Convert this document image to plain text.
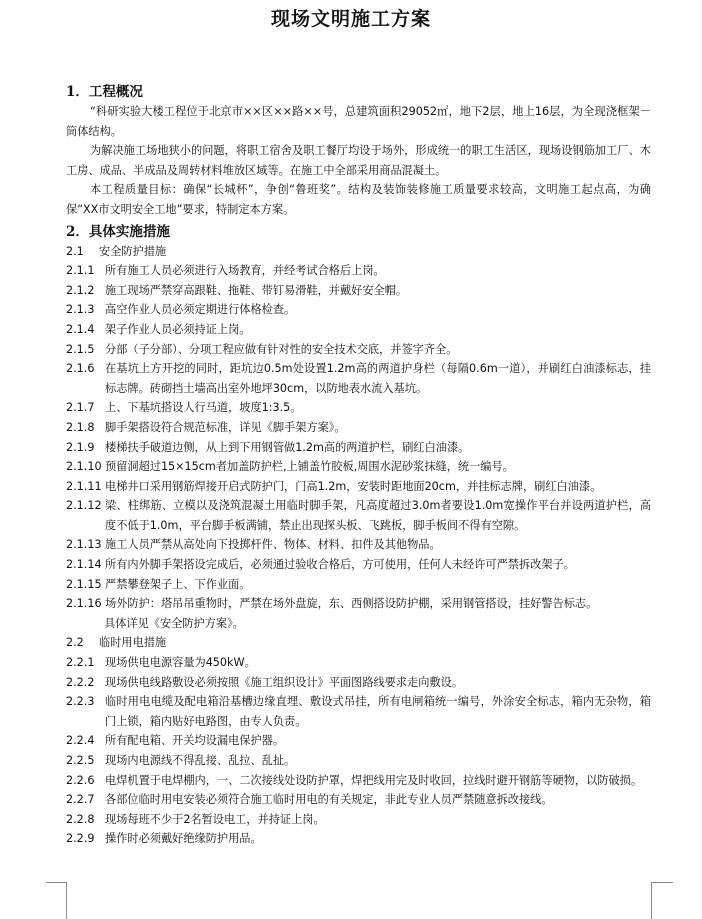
现场文明施工方案
1．工程概况
“科研实验大楼工程位于北京市××区××路××号，总建筑面积29052㎡，地下2层，地上16层，为全现浇框架－筒体结构。
为解决施工场地狭小的问题，将职工宿舍及职工餐厅均设于场外，形成统一的职工生活区，现场设钢筋加工厂、木工房、成品、半成品及周转材料堆放区域等。在施工中全部采用商品混凝土。
本工程质量目标：确保“长城杯”，争创“鲁班奖”。结构及装饰装修施工质量要求较高，文明施工起点高，为确保“XX市文明安全工地”要求，特制定本方案。
2．具体实施措施
2.1	安全防护措施
2.1.1 所有施工人员必须进行入场教育，并经考试合格后上岗。
2.1.2 施工现场严禁穿高跟鞋、拖鞋、带钉易滑鞋，并戴好安全帽。
2.1.3 高空作业人员必须定期进行体格检查。
2.1.4 架子作业人员必须持证上岗。
2.1.5 分部（子分部）、分项工程应做有针对性的安全技术交底，并签字齐全。
2.1.6 在基坑上方开挖的同时，距坑边0.5m处设置1.2m高的两道护身栏（每隔0.6m一道），并刷红白油漆标志，挂标志牌。砖砌挡土墙高出室外地坪30cm，以防地表水流入基坑。
2.1.7 上、下基坑搭设人行马道，坡度1:3.5。
2.1.8 脚手架搭设符合规范标准，详见《脚手架方案》。
2.1.9 楼梯扶手破道边侧，从上到下用钢管做1.2m高的两道护栏，刷红白油漆。
2.1.10 预留洞超过15×15cm者加盖防护栏,上铺盖竹胶板,周围水泥砂浆抹缝，统一编号。
2.1.11 电梯井口采用钢筋焊接开启式防护门，门高1.2m，安装时距地面20cm，并挂标志牌，刷红白油漆。
2.1.12 梁、柱绑筋、立模以及浇筑混凝土用临时脚手架，凡高度超过3.0m者要设1.0m宽操作平台并设两道护栏，高度不低于1.0m，平台脚手板满铺，禁止出现探头板、飞跳板，脚手板间不得有空隙。
2.1.13 施工人员严禁从高处向下投掷杆件、物体、材料、扣件及其他物品。
2.1.14 所有内外脚手架搭设完成后，必须通过验收合格后，方可使用，任何人未经许可严禁拆改架子。
2.1.15 严禁攀登架子上、下作业面。
2.1.16 场外防护：塔吊吊重物时，严禁在场外盘旋，东、西侧搭设防护棚，采用钢管搭设，挂好警告标志。
具体详见《安全防护方案》。
2.2	临时用电措施
2.2.1 现场供电电源容量为450kW。
2.2.2 现场供电线路敷设必须按照《施工组织设计》平面图路线要求走向敷设。
2.2.3 临时用电电缆及配电箱沿基槽边缘直埋、敷设式吊挂，所有电闸箱统一编号，外涂安全标志，箱内无杂物，箱门上锁，箱内贴好电路图，由专人负责。
2.2.4 所有配电箱、开关均设漏电保护器。
2.2.5 现场内电源线不得乱接、乱拉、乱扯。
2.2.6 电焊机置于电焊棚内，一、二次接线处设防护罩，焊把线用完及时收回，拉线时避开钢筋等硬物，以防破损。
2.2.7 各部位临时用电安装必须符合施工临时用电的有关规定，非此专业人员严禁随意拆改接线。
2.2.8 现场每班不少于2名暂设电工，并持证上岗。
2.2.9 操作时必须戴好绝缘防护用品。
